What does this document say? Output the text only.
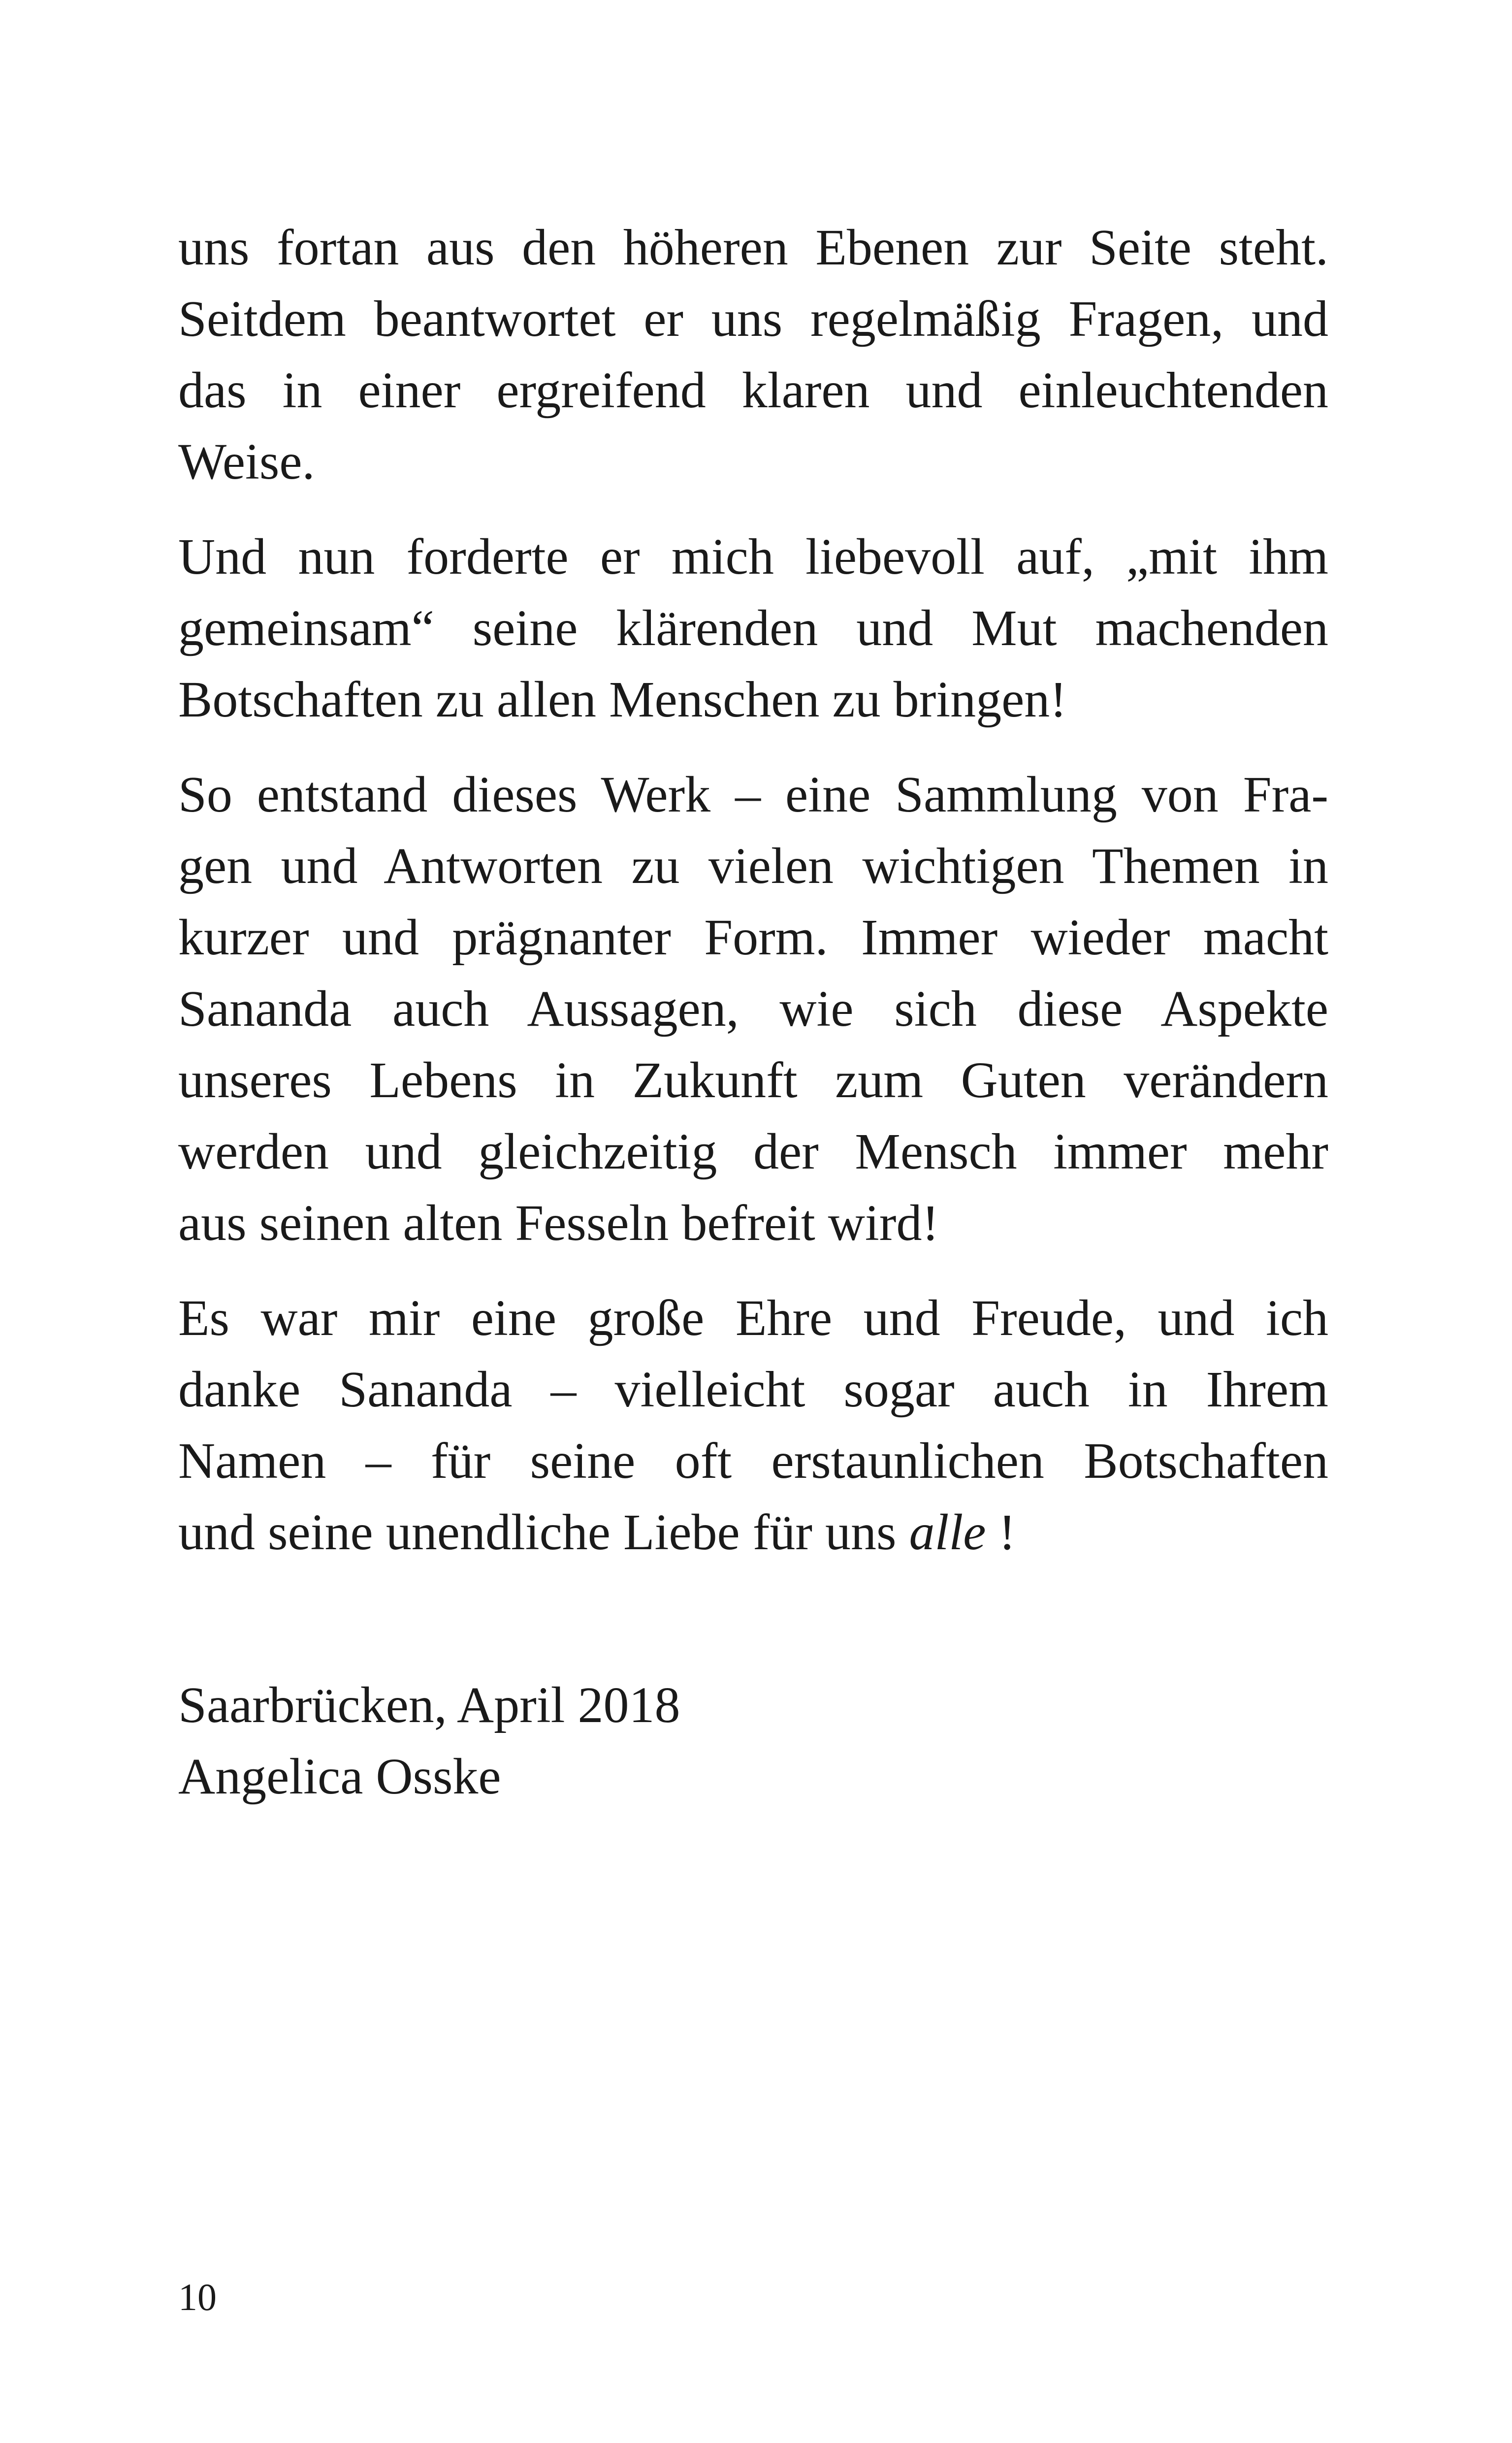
uns fortan aus den höheren Ebenen zur Seite steht.
Seitdem beantwortet er uns regelmäßig Fragen, und
das in einer ergreifend klaren und einleuchtenden
Weise.

Und nun forderte er mich liebevoll auf, „mit ihm
gemeinsam“ seine klärenden und Mut machenden
Botschaften zu allen Menschen zu bringen!

So entstand dieses Werk – eine Sammlung von Fra-
gen und Antworten zu vielen wichtigen Themen in
kurzer und prägnanter Form. Immer wieder macht
Sananda auch Aussagen, wie sich diese Aspekte
unseres Lebens in Zukunft zum Guten verändern
werden und gleichzeitig der Mensch immer mehr
aus seinen alten Fesseln befreit wird!

Es war mir eine große Ehre und Freude, und ich
danke Sananda – vielleicht sogar auch in Ihrem
Namen – für seine oft erstaunlichen Botschaften
und seine unendliche Liebe für uns alle !

Saarbrücken, April 2018
Angelica Osske
10
